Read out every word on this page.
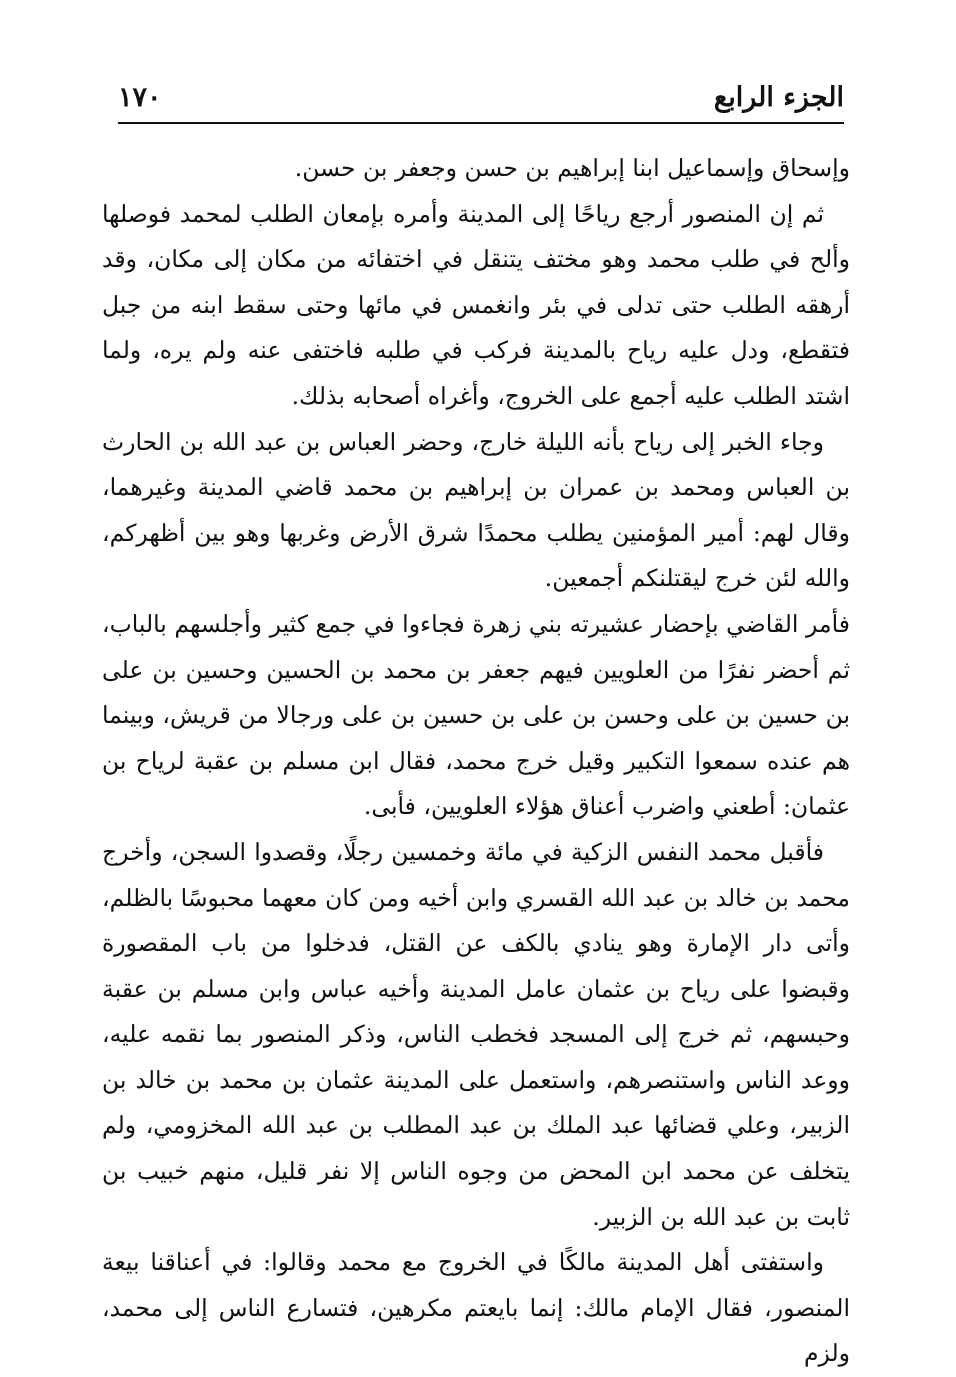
الجزء الرابع
١٧٠

وإسحاق وإسماعيل ابنا إبراهيم بن حسن وجعفر بن حسن.

ثم إن المنصور أرجع رياحًا إلى المدينة وأمره بإمعان الطلب لمحمد فوصلها وألح في طلب محمد وهو مختف يتنقل في اختفائه من مكان إلى مكان، وقد أرهقه الطلب حتى تدلى في بئر وانغمس في مائها وحتى سقط ابنه من جبل فتقطع، ودل عليه رياح بالمدينة فركب في طلبه فاختفى عنه ولم يره، ولما اشتد الطلب عليه أجمع على الخروج، وأغراه أصحابه بذلك.

وجاء الخبر إلى رياح بأنه الليلة خارج، وحضر العباس بن عبد الله بن الحارث بن العباس ومحمد بن عمران بن إبراهيم بن محمد قاضي المدينة وغيرهما، وقال لهم: أمير المؤمنين يطلب محمدًا شرق الأرض وغربها وهو بين أظهركم، والله لئن خرج ليقتلنكم أجمعين.

فأمر القاضي بإحضار عشيرته بني زهرة فجاءوا في جمع كثير وأجلسهم بالباب، ثم أحضر نفرًا من العلويين فيهم جعفر بن محمد بن الحسين وحسين بن على بن حسين بن على وحسن بن على بن حسين بن على ورجالا من قريش، وبينما هم عنده سمعوا التكبير وقيل خرج محمد، فقال ابن مسلم بن عقبة لرياح بن عثمان: أطعني واضرب أعناق هؤلاء العلويين، فأبى.

فأقبل محمد النفس الزكية في مائة وخمسين رجلًا، وقصدوا السجن، وأخرج محمد بن خالد بن عبد الله القسري وابن أخيه ومن كان معهما محبوسًا بالظلم، وأتى دار الإمارة وهو ينادي بالكف عن القتل، فدخلوا من باب المقصورة وقبضوا على رياح بن عثمان عامل المدينة وأخيه عباس وابن مسلم بن عقبة وحبسهم، ثم خرج إلى المسجد فخطب الناس، وذكر المنصور بما نقمه عليه، ووعد الناس واستنصرهم، واستعمل على المدينة عثمان بن محمد بن خالد بن الزبير، وعلي قضائها عبد الملك بن عبد المطلب بن عبد الله المخزومي، ولم يتخلف عن محمد ابن المحض من وجوه الناس إلا نفر قليل، منهم خبيب بن ثابت بن عبد الله بن الزبير.

واستفتى أهل المدينة مالكًا في الخروج مع محمد وقالوا: في أعناقنا بيعة المنصور، فقال الإمام مالك: إنما بايعتم مكرهين، فتسارع الناس إلى محمد، ولزم
